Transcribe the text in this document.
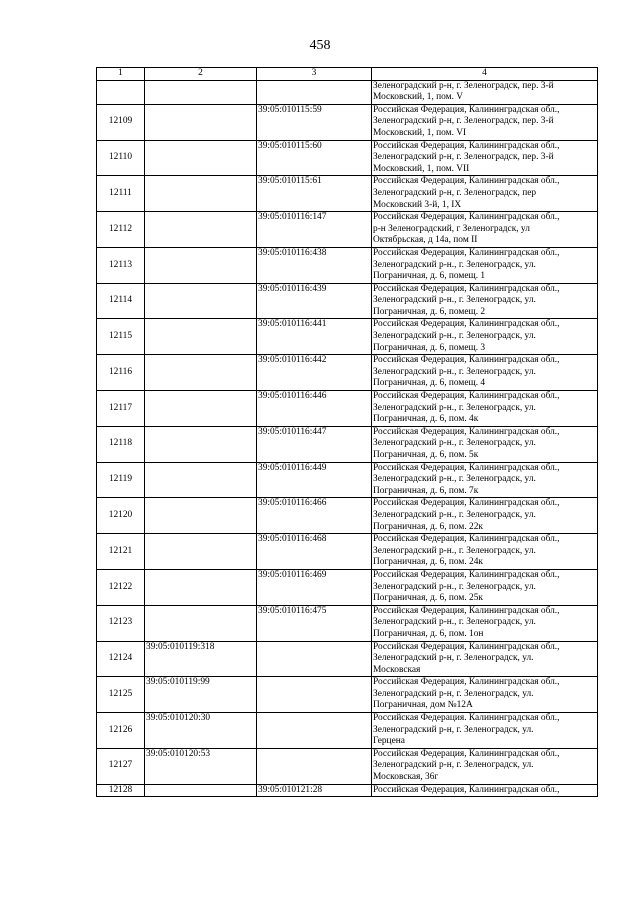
458
1	2	3	4

			Зеленоградский р-н, г. Зеленоградск, пер. 3-й
Московский, 1, пом. V

12109		39:05:010115:59	Российская Федерация, Калининградская обл.,
Зеленоградский р-н, г. Зеленоградск, пер. 3-й
Московский, 1, пом. VI

12110		39:05:010115:60	Российская Федерация, Калининградская обл.,
Зеленоградский р-н, г. Зеленоградск, пер. 3-й
Московский, 1, пом. VII

12111		39:05:010115:61	Российская Федерация, Калининградская обл.,
Зеленоградский р-н, г. Зеленоградск, пер
Московский 3-й, 1, IX

12112		39:05:010116:147	Российская Федерация, Калининградская обл.,
р-н Зеленоградский, г Зеленоградск, ул
Октябрьская, д 14а, пом II

12113		39:05:010116:438	Российская Федерация, Калининградская обл.,
Зеленоградский р-н., г. Зеленоградск, ул.
Пограничная, д. 6, помещ. 1

12114		39:05:010116:439	Российская Федерация, Калининградская обл.,
Зеленоградский р-н., г. Зеленоградск, ул.
Пограничная, д. 6, помещ. 2

12115		39:05:010116:441	Российская Федерация, Калининградская обл.,
Зеленоградский р-н., г. Зеленоградск, ул.
Пограничная, д. 6, помещ. 3

12116		39:05:010116:442	Российская Федерация, Калининградская обл.,
Зеленоградский р-н., г. Зеленоградск, ул.
Пограничная, д. 6, помещ. 4

12117		39:05:010116:446	Российская Федерация, Калининградская обл.,
Зеленоградский р-н., г. Зеленоградск, ул.
Пограничная, д. 6, пом. 4к

12118		39:05:010116:447	Российская Федерация, Калининградская обл.,
Зеленоградский р-н., г. Зеленоградск, ул.
Пограничная, д. 6, пом. 5к

12119		39:05:010116:449	Российская Федерация, Калининградская обл.,
Зеленоградский р-н., г. Зеленоградск, ул.
Пограничная, д. 6, пом. 7к

12120		39:05:010116:466	Российская Федерация, Калининградская обл.,
Зеленоградский р-н., г. Зеленоградск, ул.
Пограничная, д. 6, пом. 22к

12121		39:05:010116:468	Российская Федерация, Калининградская обл.,
Зеленоградский р-н., г. Зеленоградск, ул.
Пограничная, д. 6, пом. 24к

12122		39:05:010116:469	Российская Федерация, Калининградская обл.,
Зеленоградский р-н., г. Зеленоградск, ул.
Пограничная, д. 6, пом. 25к

12123		39:05:010116:475	Российская Федерация, Калининградская обл.,
Зеленоградский р-н., г. Зеленоградск, ул.
Пограничная, д. 6, пом. 1он

12124	39:05:010119:318		Российская Федерация, Калининградская обл.,
Зеленоградский р-н, г. Зеленоградск, ул.
Московская

12125	39:05:010119:99		Российская Федерация, Калининградская обл.,
Зеленоградский р-н, г. Зеленоградск, ул.
Пограничная, дом №12А

12126	39:05:010120:30		Российская Федерация. Калининградская обл.,
Зеленоградский р-н, г. Зеленоградск, ул.
Герцена

12127	39:05:010120:53		Российская Федерация, Калининградская обл.,
Зеленоградский р-н, г. Зеленоградск, ул.
Московская, 36г

12128		39:05:010121:28	Российская Федерация, Калининградская обл.,
